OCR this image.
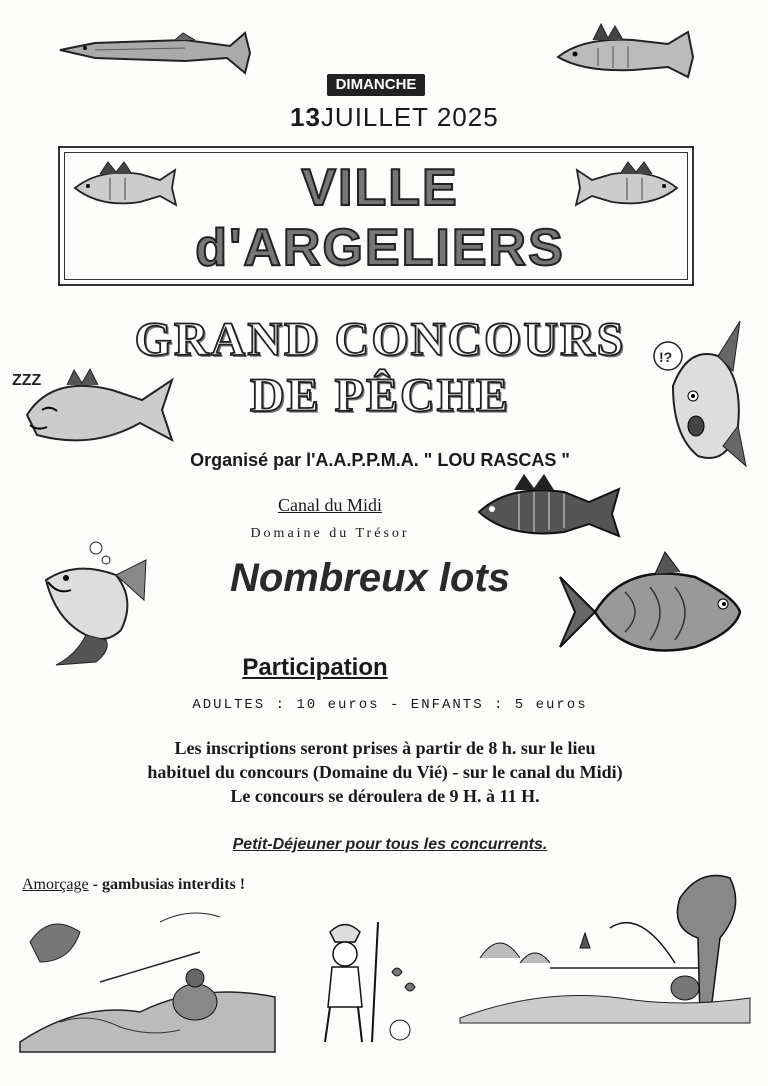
DIMANCHE
13JUILLET 2025
VILLE
d'ARGELIERS
GRAND CONCOURS
DE PÊCHE
ZZZ
!?
Organisé par l'A.A.P.P.M.A. " LOU RASCAS "
Canal du Midi
Domaine du Trésor
Nombreux lots
Participation
ADULTES : 10 euros - ENFANTS : 5 euros
Les inscriptions seront prises à partir de 8 h. sur le lieu
habituel du concours (Domaine du Vié) - sur le canal du Midi)
Le concours se déroulera de 9 H. à 11 H.
Petit-Déjeuner pour tous les concurrents.
Amorçage - gambusias interdits !
